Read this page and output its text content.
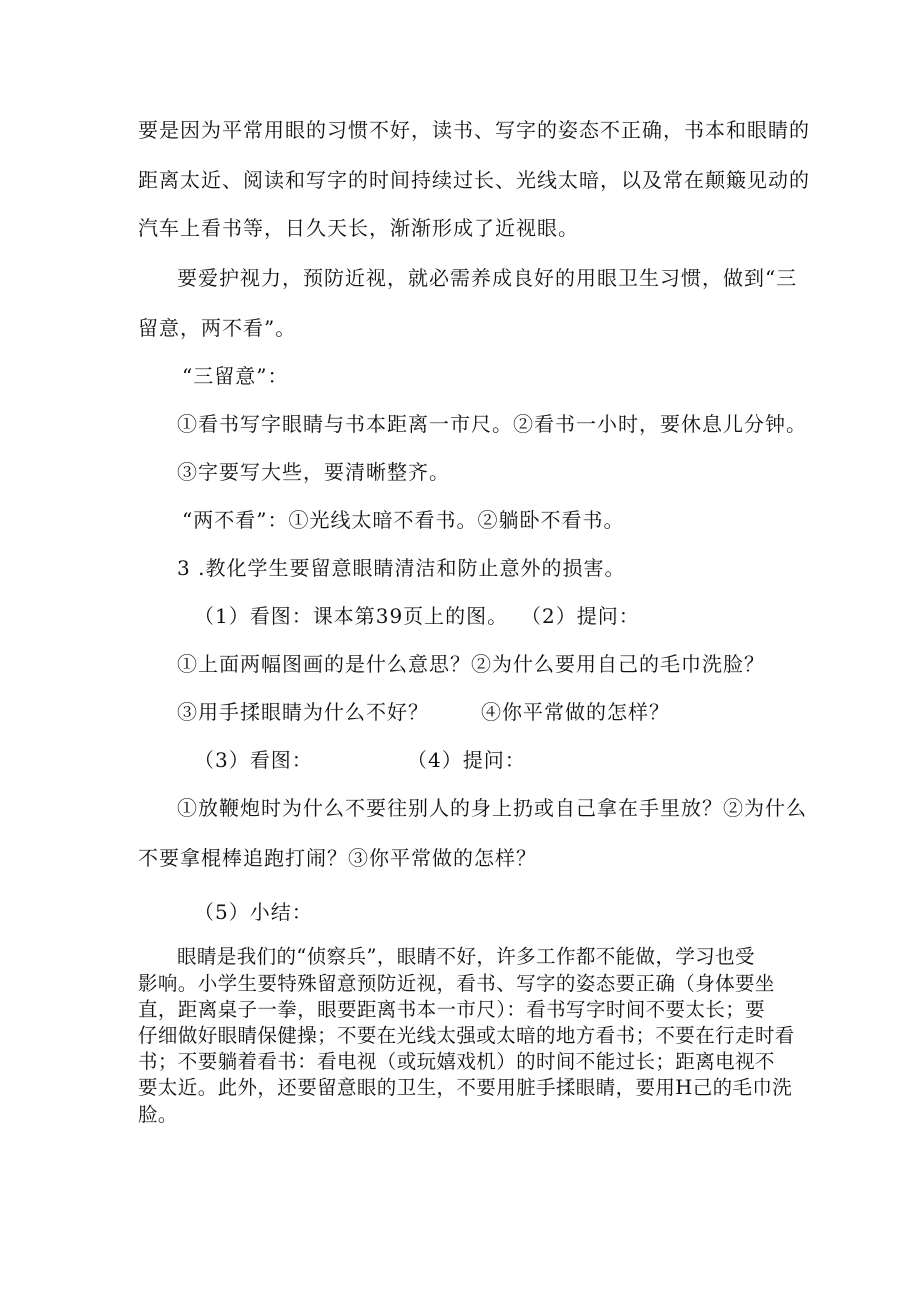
要是因为平常用眼的习惯不好，读书、写字的姿态不正确，书本和眼睛的
距离太近、阅读和写字的时间持续过长、光线太暗，以及常在颠簸见动的
汽车上看书等，日久天长，渐渐形成了近视眼。
要爱护视力，预防近视，就必需养成良好的用眼卫生习惯，做到“三
留意，两不看”。
“三留意”：
①看书写字眼睛与书本距离一市尺。②看书一小时，要休息儿分钟。
③字要写大些，要清晰整齐。
“两不看”：①光线太暗不看书。②躺卧不看书。
3 .教化学生要留意眼睛清洁和防止意外的损害。
（1）看图：课本第39页上的图。 （2）提问：
①上面两幅图画的是什么意思？②为什么要用自己的毛巾洗脸？
③用手揉眼睛为什么不好？	④你平常做的怎样？
（3）看图：	（4）提问：
①放鞭炮时为什么不要往别人的身上扔或自己拿在手里放？②为什么
不要拿棍棒追跑打闹？③你平常做的怎样？
（5）小结：
眼睛是我们的“侦察兵”，眼睛不好，许多工作都不能做，学习也受
影响。小学生要特殊留意预防近视，看书、写字的姿态要正确（身体要坐
直，距离桌子一拳，眼要距离书本一市尺）：看书写字时间不要太长；要
仔细做好眼睛保健操；不要在光线太强或太暗的地方看书；不要在行走时看
书；不要躺着看书：看电视（或玩嬉戏机）的时间不能过长；距离电视不
要太近。此外，还要留意眼的卫生，不要用脏手揉眼睛，要用H己的毛巾洗
脸。
